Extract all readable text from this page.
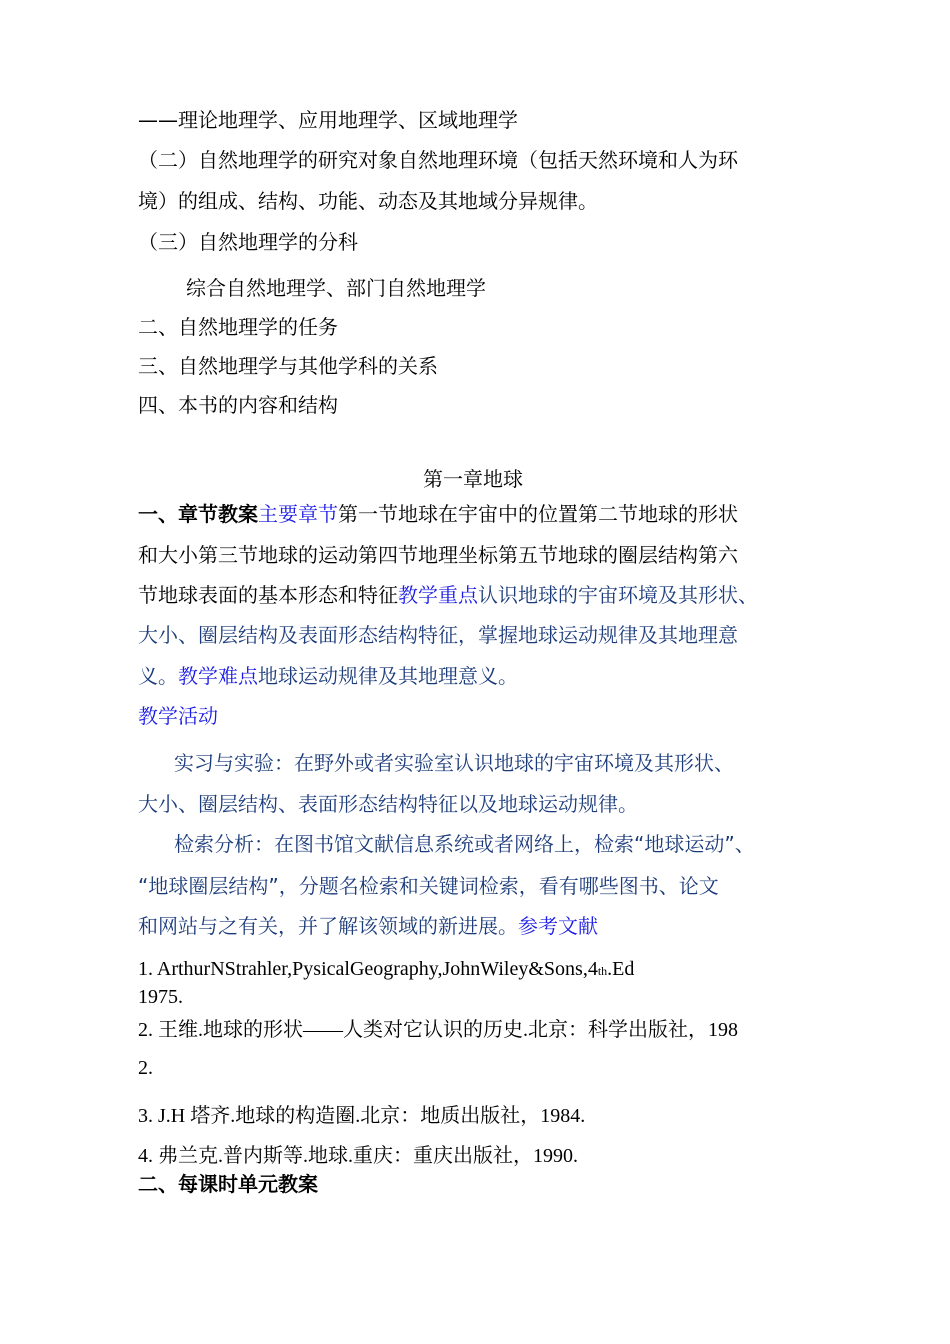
——理论地理学、应用地理学、区域地理学
（二）自然地理学的研究对象自然地理环境（包括天然环境和人为环
境）的组成、结构、功能、动态及其地域分异规律。
（三）自然地理学的分科
综合自然地理学、部门自然地理学
二、自然地理学的任务
三、自然地理学与其他学科的关系
四、本书的内容和结构
第一章地球
一、章节教案主要章节第一节地球在宇宙中的位置第二节地球的形状
和大小第三节地球的运动第四节地理坐标第五节地球的圈层结构第六
节地球表面的基本形态和特征教学重点认识地球的宇宙环境及其形状、
大小、圈层结构及表面形态结构特征，掌握地球运动规律及其地理意
义。教学难点地球运动规律及其地理意义。
教学活动
实习与实验：在野外或者实验室认识地球的宇宙环境及其形状、
大小、圈层结构、表面形态结构特征以及地球运动规律。
检索分析：在图书馆文献信息系统或者网络上，检索“地球运动”、
“地球圈层结构”，分题名检索和关键词检索，看有哪些图书、论文
和网站与之有关，并了解该领域的新进展。参考文献
1. ArthurNStrahler,PysicalGeography,JohnWiley&Sons,4th.Ed
1975.
2. 王维.地球的形状——人类对它认识的历史.北京：科学出版社，198
2.
3. J.H 塔齐.地球的构造圈.北京：地质出版社，1984.
4. 弗兰克.普内斯等.地球.重庆：重庆出版社，1990.
二、每课时单元教案
